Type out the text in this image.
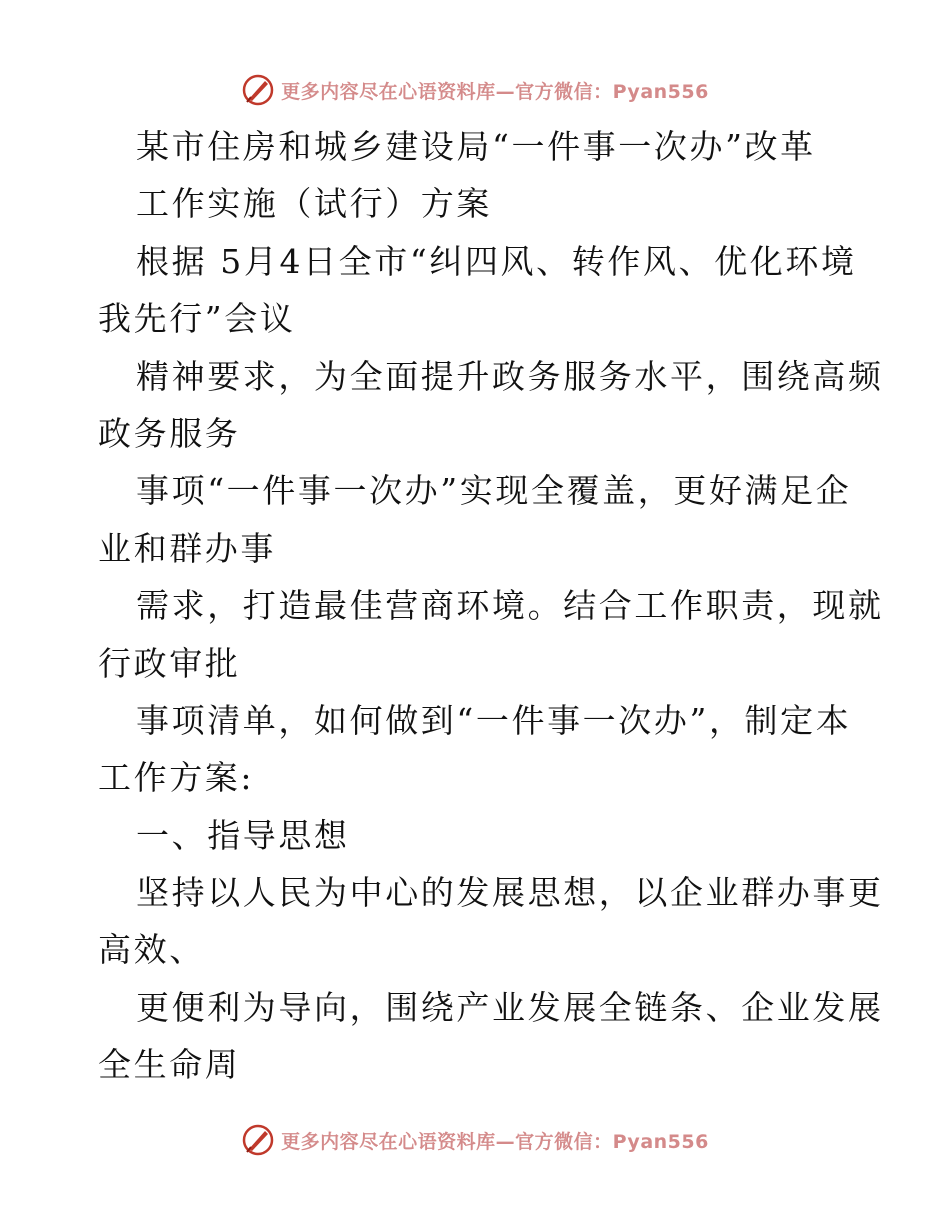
更多内容尽在心语资料库—官方微信：Pyan556
某市住房和城乡建设局“一件事一次办”改革
工作实施（试行）方案
根据 5月4日全市“纠四风、转作风、优化环境
我先行”会议
精神要求，为全面提升政务服务水平，围绕高频
政务服务
事项“一件事一次办”实现全覆盖，更好满足企
业和群办事
需求，打造最佳营商环境。结合工作职责，现就
行政审批
事项清单，如何做到“一件事一次办”，制定本
工作方案:
一、指导思想
坚持以人民为中心的发展思想，以企业群办事更
高效、
更便利为导向，围绕产业发展全链条、企业发展
全生命周
更多内容尽在心语资料库—官方微信：Pyan556
